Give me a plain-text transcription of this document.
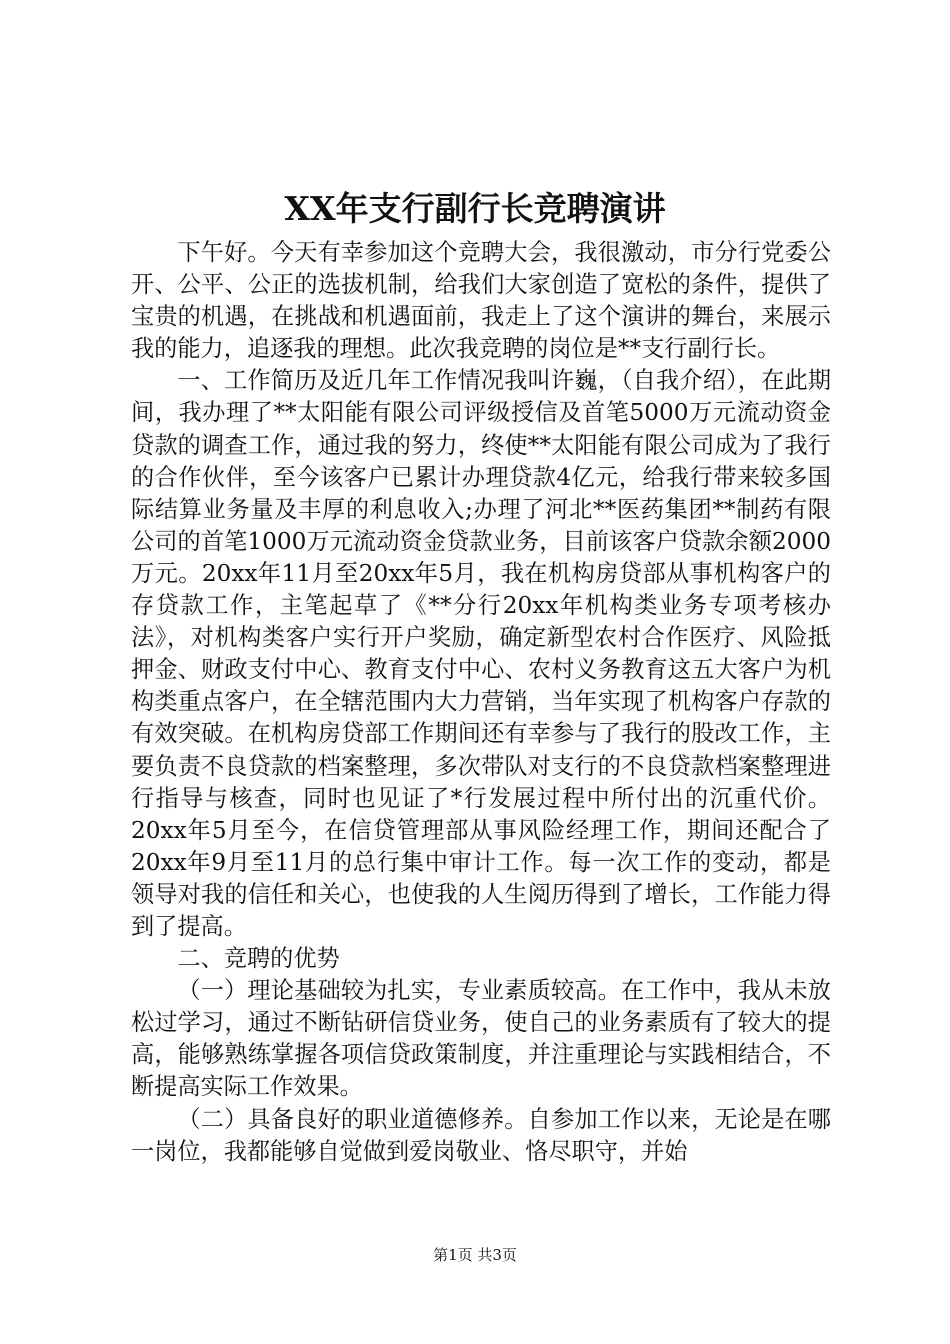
XX年支行副行长竞聘演讲

下午好。今天有幸参加这个竞聘大会，我很激动，市分行党委公开、公平、公正的选拔机制，给我们大家创造了宽松的条件，提供了宝贵的机遇，在挑战和机遇面前，我走上了这个演讲的舞台，来展示我的能力，追逐我的理想。此次我竞聘的岗位是**支行副行长。

一、工作简历及近几年工作情况我叫许巍，（自我介绍），在此期间，我办理了**太阳能有限公司评级授信及首笔5000万元流动资金贷款的调查工作，通过我的努力，终使**太阳能有限公司成为了我行的合作伙伴，至今该客户已累计办理贷款4亿元，给我行带来较多国际结算业务量及丰厚的利息收入;办理了河北**医药集团**制药有限公司的首笔1000万元流动资金贷款业务，目前该客户贷款余额2000万元。20xx年11月至20xx年5月，我在机构房贷部从事机构客户的存贷款工作，主笔起草了《**分行20xx年机构类业务专项考核办法》，对机构类客户实行开户奖励，确定新型农村合作医疗、风险抵押金、财政支付中心、教育支付中心、农村义务教育这五大客户为机构类重点客户，在全辖范围内大力营销，当年实现了机构客户存款的有效突破。在机构房贷部工作期间还有幸参与了我行的股改工作，主要负责不良贷款的档案整理，多次带队对支行的不良贷款档案整理进行指导与核查，同时也见证了*行发展过程中所付出的沉重代价。20xx年5月至今，在信贷管理部从事风险经理工作，期间还配合了20xx年9月至11月的总行集中审计工作。每一次工作的变动，都是领导对我的信任和关心，也使我的人生阅历得到了增长，工作能力得到了提高。

二、竞聘的优势

（一）理论基础较为扎实，专业素质较高。在工作中，我从未放松过学习，通过不断钻研信贷业务，使自己的业务素质有了较大的提高，能够熟练掌握各项信贷政策制度，并注重理论与实践相结合，不断提高实际工作效果。

（二）具备良好的职业道德修养。自参加工作以来，无论是在哪一岗位，我都能够自觉做到爱岗敬业、恪尽职守，并始

第1页 共3页
